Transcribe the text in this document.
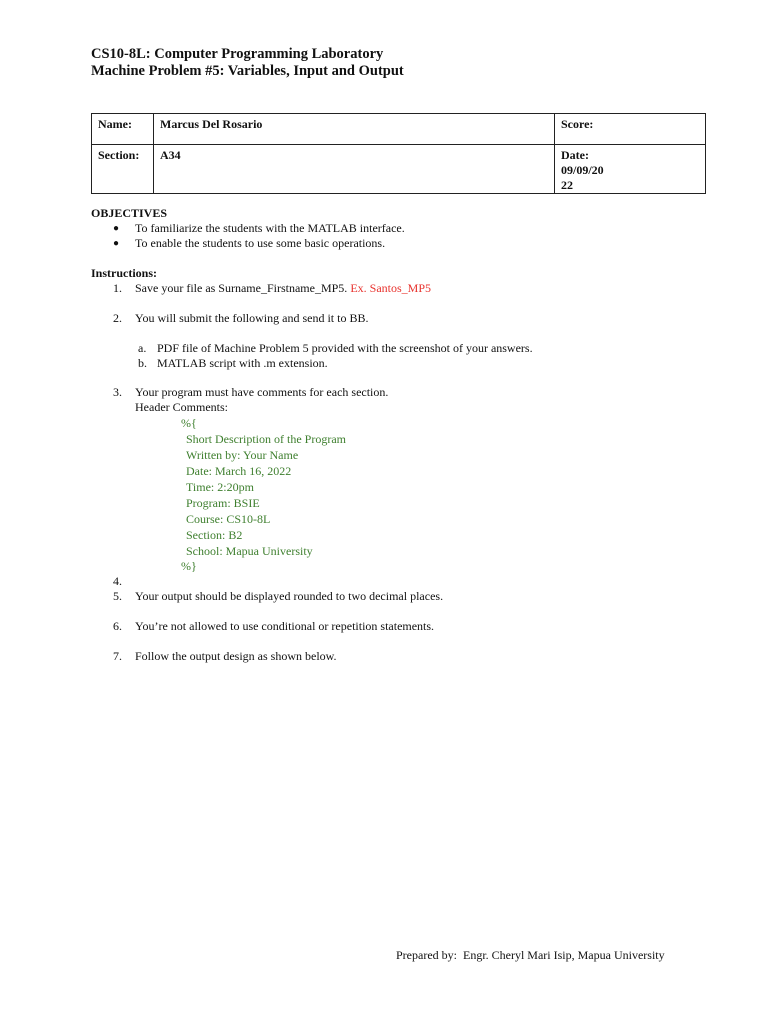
CS10-8L: Computer Programming Laboratory
Machine Problem #5: Variables, Input and Output
Name:	Marcus Del Rosario	Score:
Section:	A34	Date:
09/09/20
22
OBJECTIVES
● To familiarize the students with the MATLAB interface.
● To enable the students to use some basic operations.
Instructions:
1. Save your file as Surname_Firstname_MP5. Ex. Santos_MP5
2. You will submit the following and send it to BB.
a. PDF file of Machine Problem 5 provided with the screenshot of your answers.
b. MATLAB script with .m extension.
3. Your program must have comments for each section.
Header Comments:
%{
Short Description of the Program
Written by: Your Name
Date: March 16, 2022
Time: 2:20pm
Program: BSIE
Course: CS10-8L
Section: B2
School: Mapua University
%}
4.
5. Your output should be displayed rounded to two decimal places.
6. You’re not allowed to use conditional or repetition statements.
7. Follow the output design as shown below.
Prepared by: Engr. Cheryl Mari Isip, Mapua University
